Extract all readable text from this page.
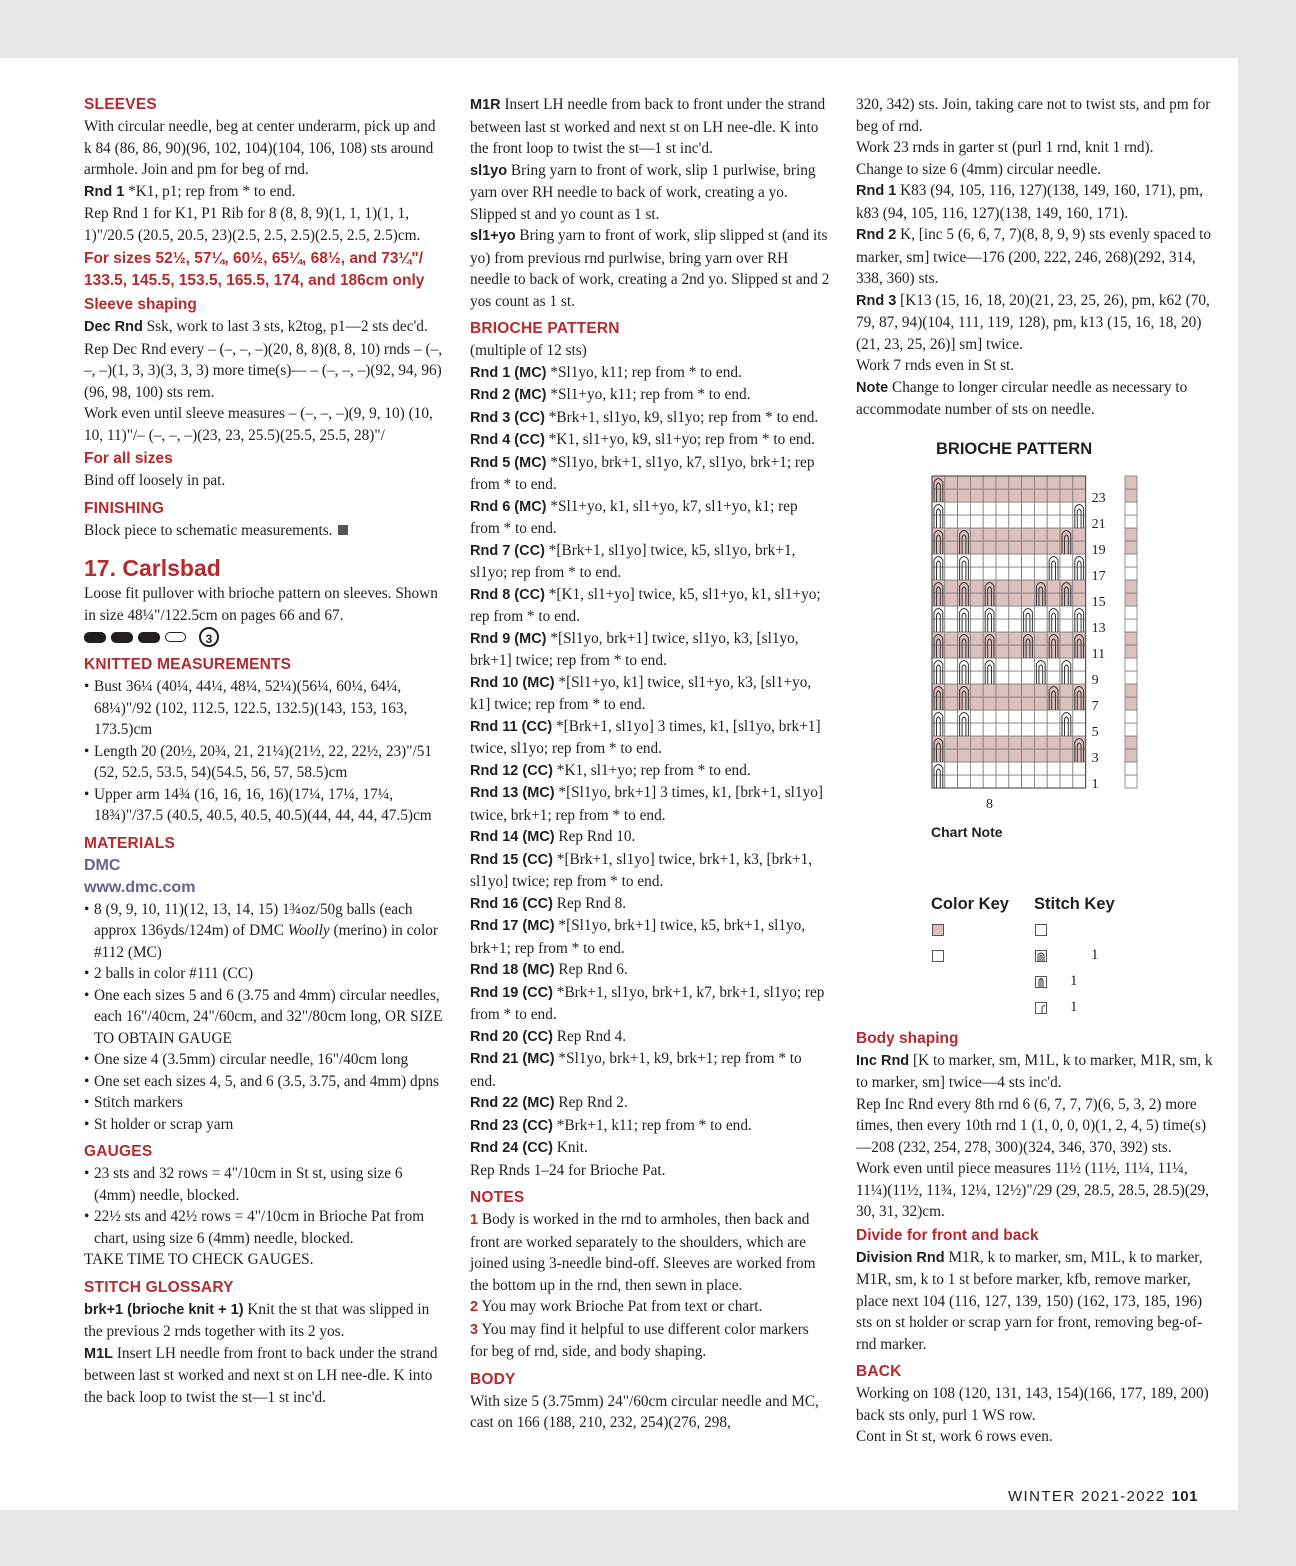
SLEEVES

With circular needle, beg at center underarm, pick up and k 84 (86, 86, 90)(96, 102, 104)(104, 106, 108) sts around armhole. Join and pm for beg of rnd.

Rnd 1 *K1, p1; rep from * to end.

Rep Rnd 1 for K1, P1 Rib for 8 (8, 8, 9)(1, 1, 1)(1, 1, 1)"/20.5 (20.5, 20.5, 23)(2.5, 2.5, 2.5)(2.5, 2.5, 2.5)cm.

For sizes 52½, 57¼, 60½, 65¼, 68½, and 73¼"/ 133.5, 145.5, 153.5, 165.5, 174, and 186cm only
Sleeve shaping

Dec Rnd Ssk, work to last 3 sts, k2tog, p1—2 sts dec'd.

Rep Dec Rnd every – (–, –, –)(20, 8, 8)(8, 8, 10) rnds – (–, –, –)(1, 3, 3)(3, 3, 3) more time(s)— – (–, –, –)(92, 94, 96)(96, 98, 100) sts rem.

Work even until sleeve measures – (–, –, –)(9, 9, 10) (10, 10, 11)"/– (–, –, –)(23, 23, 25.5)(25.5, 25.5, 28)"/

For all sizes

Bind off loosely in pat.

FINISHING

Block piece to schematic measurements.

17. Carlsbad

Loose fit pullover with brioche pattern on sleeves. Shown in size 48¼"/122.5cm on pages 66 and 67.

3
KNITTED MEASUREMENTS
• Bust 36¼ (40¼, 44¼, 48¼, 52¼)(56¼, 60¼, 64¼, 68¼)"/92 (102, 112.5, 122.5, 132.5)(143, 153, 163, 173.5)cm
• Length 20 (20½, 20¾, 21, 21¼)(21½, 22, 22½, 23)"/51 (52, 52.5, 53.5, 54)(54.5, 56, 57, 58.5)cm
• Upper arm 14¾ (16, 16, 16, 16)(17¼, 17¼, 17¼, 18¾)"/37.5 (40.5, 40.5, 40.5, 40.5)(44, 44, 44, 47.5)cm
MATERIALS
DMC
www.dmc.com
• 8 (9, 9, 10, 11)(12, 13, 14, 15) 1¾oz/50g balls (each approx 136yds/124m) of DMC Woolly (merino) in color #112 (MC)
• 2 balls in color #111 (CC)
• One each sizes 5 and 6 (3.75 and 4mm) circular needles, each 16"/40cm, 24"/60cm, and 32"/80cm long, OR SIZE TO OBTAIN GAUGE
• One size 4 (3.5mm) circular needle, 16"/40cm long
• One set each sizes 4, 5, and 6 (3.5, 3.75, and 4mm) dpns
• Stitch markers
• St holder or scrap yarn
GAUGES
• 23 sts and 32 rows = 4"/10cm in St st, using size 6 (4mm) needle, blocked.
• 22½ sts and 42½ rows = 4"/10cm in Brioche Pat from chart, using size 6 (4mm) needle, blocked.

TAKE TIME TO CHECK GAUGES.

STITCH GLOSSARY

brk+1 (brioche knit + 1) Knit the st that was slipped in the previous 2 rnds together with its 2 yos.

M1L Insert LH needle from front to back under the strand between last st worked and next st on LH nee-dle. K into the back loop to twist the st—1 st inc'd.

M1R Insert LH needle from back to front under the strand between last st worked and next st on LH nee-dle. K into the front loop to twist the st—1 st inc'd.

sl1yo Bring yarn to front of work, slip 1 purlwise, bring yarn over RH needle to back of work, creating a yo. Slipped st and yo count as 1 st.

sl1+yo Bring yarn to front of work, slip slipped st (and its yo) from previous rnd purlwise, bring yarn over RH needle to back of work, creating a 2nd yo. Slipped st and 2 yos count as 1 st.

BRIOCHE PATTERN

(multiple of 12 sts)

Rnd 1 (MC) *Sl1yo, k11; rep from * to end.

Rnd 2 (MC) *Sl1+yo, k11; rep from * to end.

Rnd 3 (CC) *Brk+1, sl1yo, k9, sl1yo; rep from * to end.

Rnd 4 (CC) *K1, sl1+yo, k9, sl1+yo; rep from * to end.

Rnd 5 (MC) *Sl1yo, brk+1, sl1yo, k7, sl1yo, brk+1; rep from * to end.

Rnd 6 (MC) *Sl1+yo, k1, sl1+yo, k7, sl1+yo, k1; rep from * to end.

Rnd 7 (CC) *[Brk+1, sl1yo] twice, k5, sl1yo, brk+1, sl1yo; rep from * to end.

Rnd 8 (CC) *[K1, sl1+yo] twice, k5, sl1+yo, k1, sl1+yo; rep from * to end.

Rnd 9 (MC) *[Sl1yo, brk+1] twice, sl1yo, k3, [sl1yo, brk+1] twice; rep from * to end.

Rnd 10 (MC) *[Sl1+yo, k1] twice, sl1+yo, k3, [sl1+yo, k1] twice; rep from * to end.

Rnd 11 (CC) *[Brk+1, sl1yo] 3 times, k1, [sl1yo, brk+1] twice, sl1yo; rep from * to end.

Rnd 12 (CC) *K1, sl1+yo; rep from * to end.

Rnd 13 (MC) *[Sl1yo, brk+1] 3 times, k1, [brk+1, sl1yo] twice, brk+1; rep from * to end.

Rnd 14 (MC) Rep Rnd 10.

Rnd 15 (CC) *[Brk+1, sl1yo] twice, brk+1, k3, [brk+1, sl1yo] twice; rep from * to end.

Rnd 16 (CC) Rep Rnd 8.

Rnd 17 (MC) *[Sl1yo, brk+1] twice, k5, brk+1, sl1yo, brk+1; rep from * to end.

Rnd 18 (MC) Rep Rnd 6.

Rnd 19 (CC) *Brk+1, sl1yo, brk+1, k7, brk+1, sl1yo; rep from * to end.

Rnd 20 (CC) Rep Rnd 4.

Rnd 21 (MC) *Sl1yo, brk+1, k9, brk+1; rep from * to end.

Rnd 22 (MC) Rep Rnd 2.

Rnd 23 (CC) *Brk+1, k11; rep from * to end.

Rnd 24 (CC) Knit.

Rep Rnds 1–24 for Brioche Pat.

NOTES

1 Body is worked in the rnd to armholes, then back and front are worked separately to the shoulders, which are joined using 3-needle bind-off. Sleeves are worked from the bottom up in the rnd, then sewn in place.

2 You may work Brioche Pat from text or chart.

3 You may find it helpful to use different color markers for beg of rnd, side, and body shaping.

BODY

With size 5 (3.75mm) 24"/60cm circular needle and MC, cast on 166 (188, 210, 232, 254)(276, 298,

320, 342) sts. Join, taking care not to twist sts, and pm for beg of rnd.

Work 23 rnds in garter st (purl 1 rnd, knit 1 rnd).

Change to size 6 (4mm) circular needle.

Rnd 1 K83 (94, 105, 116, 127)(138, 149, 160, 171), pm, k83 (94, 105, 116, 127)(138, 149, 160, 171).

Rnd 2 K, [inc 5 (6, 6, 7, 7)(8, 8, 9, 9) sts evenly spaced to marker, sm] twice—176 (200, 222, 246, 268)(292, 314, 338, 360) sts.

Rnd 3 [K13 (15, 16, 18, 20)(21, 23, 25, 26), pm, k62 (70, 79, 87, 94)(104, 111, 119, 128), pm, k13 (15, 16, 18, 20)(21, 23, 25, 26)] sm] twice.

Work 7 rnds even in St st.

Note Change to longer circular needle as necessary to accommodate number of sts on needle.

BRIOCHE PATTERN
1
3
5
7
9
11
13
15
17
19
21
23
8
Chart Note
Color Key Stitch Key
1
1
1
Body shaping

Inc Rnd [K to marker, sm, M1L, k to marker, M1R, sm, k to marker, sm] twice—4 sts inc'd.

Rep Inc Rnd every 8th rnd 6 (6, 7, 7, 7)(6, 5, 3, 2) more times, then every 10th rnd 1 (1, 0, 0, 0)(1, 2, 4, 5) time(s)—208 (232, 254, 278, 300)(324, 346, 370, 392) sts.

Work even until piece measures 11½ (11½, 11¼, 11¼, 11¼)(11½, 11¾, 12¼, 12½)"/29 (29, 28.5, 28.5, 28.5)(29, 30, 31, 32)cm.

Divide for front and back

Division Rnd M1R, k to marker, sm, M1L, k to marker, M1R, sm, k to 1 st before marker, kfb, remove marker, place next 104 (116, 127, 139, 150) (162, 173, 185, 196) sts on st holder or scrap yarn for front, removing beg-of-rnd marker.

BACK

Working on 108 (120, 131, 143, 154)(166, 177, 189, 200) back sts only, purl 1 WS row.

Cont in St st, work 6 rows even.

WINTER 2021-2022 101
